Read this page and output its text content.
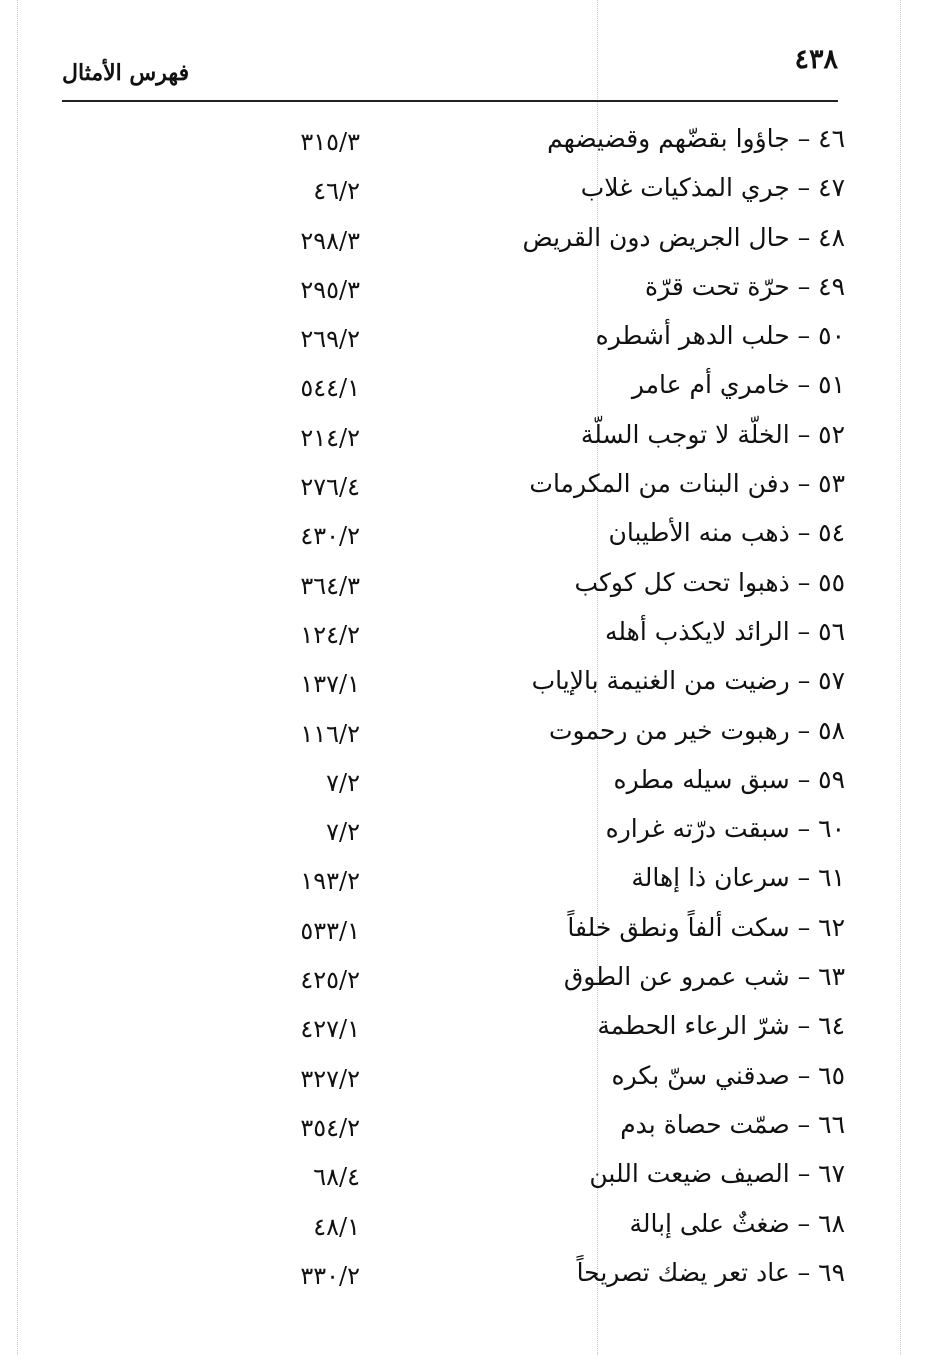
٤٣٨
فهرس الأمثال
٤٦ – جاؤوا بقضّهم وقضيضهم
٣١٥/٣
٤٧ – جري المذكيات غلاب
٤٦/٢
٤٨ – حال الجريض دون القريض
٢٩٨/٣
٤٩ – حرّة تحت قرّة
٢٩٥/٣
٥٠ – حلب الدهر أشطره
٢٦٩/٢
٥١ – خامري أم عامر
٥٤٤/١
٥٢ – الخلّة لا توجب السلّة
٢١٤/٢
٥٣ – دفن البنات من المكرمات
٢٧٦/٤
٥٤ – ذهب منه الأطيبان
٤٣٠/٢
٥٥ – ذهبوا تحت كل كوكب
٣٦٤/٣
٥٦ – الرائد لايكذب أهله
١٢٤/٢
٥٧ – رضيت من الغنيمة بالإياب
١٣٧/١
٥٨ – رهبوت خير من رحموت
١١٦/٢
٥٩ – سبق سيله مطره
٧/٢
٦٠ – سبقت درّته غراره
٧/٢
٦١ – سرعان ذا إهالة
١٩٣/٢
٦٢ – سكت ألفاً ونطق خلفاً
٥٣٣/١
٦٣ – شب عمرو عن الطوق
٤٢٥/٢
٦٤ – شرّ الرعاء الحطمة
٤٢٧/١
٦٥ – صدقني سنّ بكره
٣٢٧/٢
٦٦ – صمّت حصاة بدم
٣٥٤/٢
٦٧ – الصيف ضيعت اللبن
٦٨/٤
٦٨ – ضغثٌ على إبالة
٤٨/١
٦٩ – عاد تعر يضك تصريحاً
٣٣٠/٢
